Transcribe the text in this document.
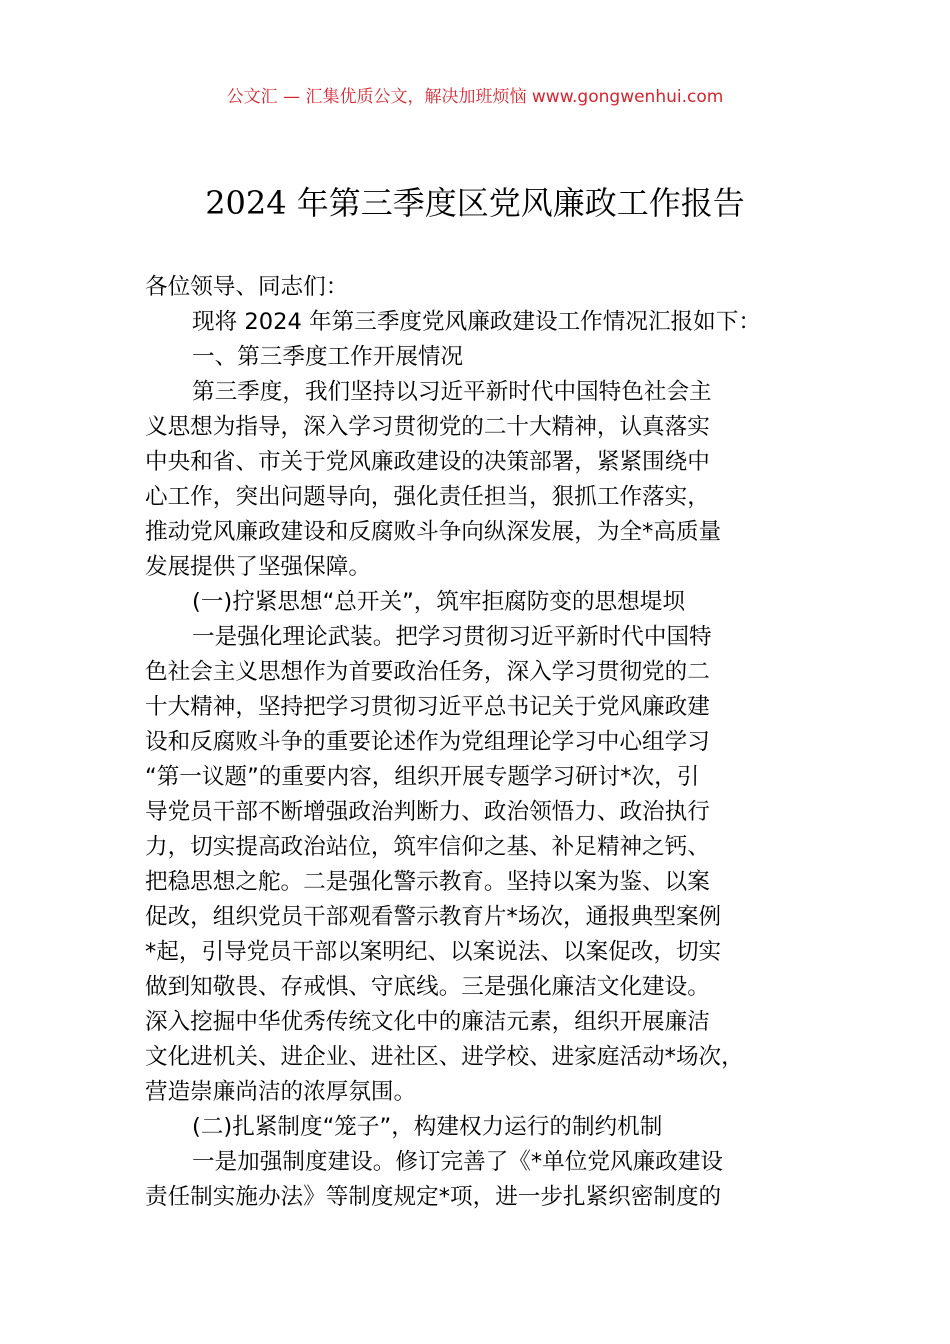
公文汇 — 汇集优质公文，解决加班烦恼 www.gongwenhui.com
2024 年第三季度区党风廉政工作报告
各位领导、同志们：
现将 2024 年第三季度党风廉政建设工作情况汇报如下：
一、第三季度工作开展情况
第三季度，我们坚持以习近平新时代中国特色社会主
义思想为指导，深入学习贯彻党的二十大精神，认真落实
中央和省、市关于党风廉政建设的决策部署，紧紧围绕中
心工作，突出问题导向，强化责任担当，狠抓工作落实，
推动党风廉政建设和反腐败斗争向纵深发展，为全*高质量
发展提供了坚强保障。
(一)拧紧思想“总开关”，筑牢拒腐防变的思想堤坝
一是强化理论武装。把学习贯彻习近平新时代中国特
色社会主义思想作为首要政治任务，深入学习贯彻党的二
十大精神，坚持把学习贯彻习近平总书记关于党风廉政建
设和反腐败斗争的重要论述作为党组理论学习中心组学习
“第一议题”的重要内容，组织开展专题学习研讨*次，引
导党员干部不断增强政治判断力、政治领悟力、政治执行
力，切实提高政治站位，筑牢信仰之基、补足精神之钙、
把稳思想之舵。二是强化警示教育。坚持以案为鉴、以案
促改，组织党员干部观看警示教育片*场次，通报典型案例
*起，引导党员干部以案明纪、以案说法、以案促改，切实
做到知敬畏、存戒惧、守底线。三是强化廉洁文化建设。
深入挖掘中华优秀传统文化中的廉洁元素，组织开展廉洁
文化进机关、进企业、进社区、进学校、进家庭活动*场次，
营造崇廉尚洁的浓厚氛围。
(二)扎紧制度“笼子”，构建权力运行的制约机制
一是加强制度建设。修订完善了《*单位党风廉政建设
责任制实施办法》等制度规定*项，进一步扎紧织密制度的
